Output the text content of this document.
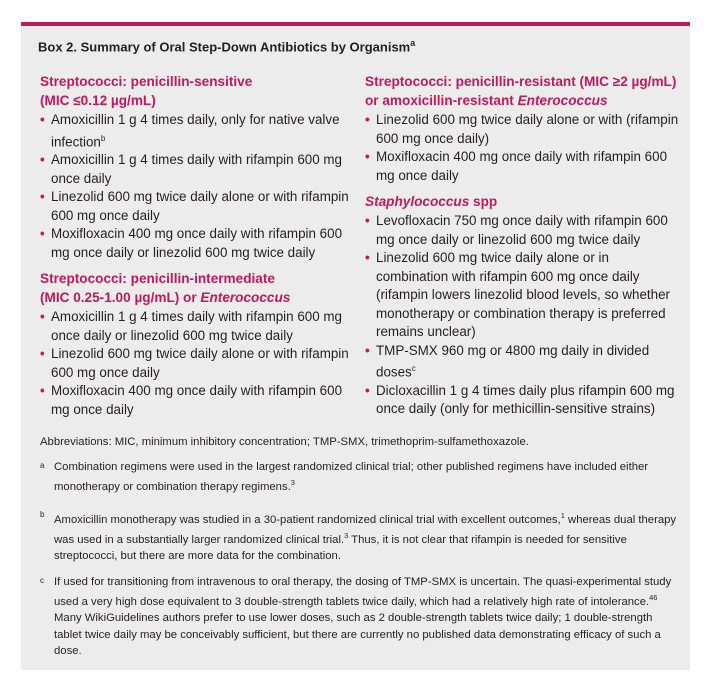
Box 2. Summary of Oral Step-Down Antibiotics by Organism$^a$
Streptococci: penicillin-sensitive
(MIC ≤0.12 µg/mL)
• Amoxicillin 1 g 4 times daily, only for native valve infection$^b$
• Amoxicillin 1 g 4 times daily with rifampin 600 mg once daily
• Linezolid 600 mg twice daily alone or with rifampin 600 mg once daily
• Moxifloxacin 400 mg once daily with rifampin 600 mg once daily or linezolid 600 mg twice daily
Streptococci: penicillin-intermediate
(MIC 0.25-1.00 µg/mL) or Enterococcus
• Amoxicillin 1 g 4 times daily with rifampin 600 mg once daily or linezolid 600 mg twice daily
• Linezolid 600 mg twice daily alone or with rifampin 600 mg once daily
• Moxifloxacin 400 mg once daily with rifampin 600 mg once daily
Streptococci: penicillin-resistant (MIC ≥2 µg/mL)
or amoxicillin-resistant Enterococcus
• Linezolid 600 mg twice daily alone or with (rifampin 600 mg once daily)
• Moxifloxacin 400 mg once daily with rifampin 600 mg once daily
Staphylococcus spp
• Levofloxacin 750 mg once daily with rifampin 600 mg once daily or linezolid 600 mg twice daily
• Linezolid 600 mg twice daily alone or in combination with rifampin 600 mg once daily (rifampin lowers linezolid blood levels, so whether monotherapy or combination therapy is preferred remains unclear)
• TMP-SMX 960 mg or 4800 mg daily in divided doses$^c$
• Dicloxacillin 1 g 4 times daily plus rifampin 600 mg once daily (only for methicillin-sensitive strains)
Abbreviations: MIC, minimum inhibitory concentration; TMP-SMX, trimethoprim-sulfamethoxazole.
a Combination regimens were used in the largest randomized clinical trial; other published regimens have included either monotherapy or combination therapy regimens.$^3$
b Amoxicillin monotherapy was studied in a 30-patient randomized clinical trial with excellent outcomes,$^1$ whereas dual therapy was used in a substantially larger randomized clinical trial.$^3$ Thus, it is not clear that rifampin is needed for sensitive streptococci, but there are more data for the combination.
c If used for transitioning from intravenous to oral therapy, the dosing of TMP-SMX is uncertain. The quasi-experimental study used a very high dose equivalent to 3 double-strength tablets twice daily, which had a relatively high rate of intolerance.$^{46}$ Many WikiGuidelines authors prefer to use lower doses, such as 2 double-strength tablets twice daily; 1 double-strength tablet twice daily may be conceivably sufficient, but there are currently no published data demonstrating efficacy of such a dose.
